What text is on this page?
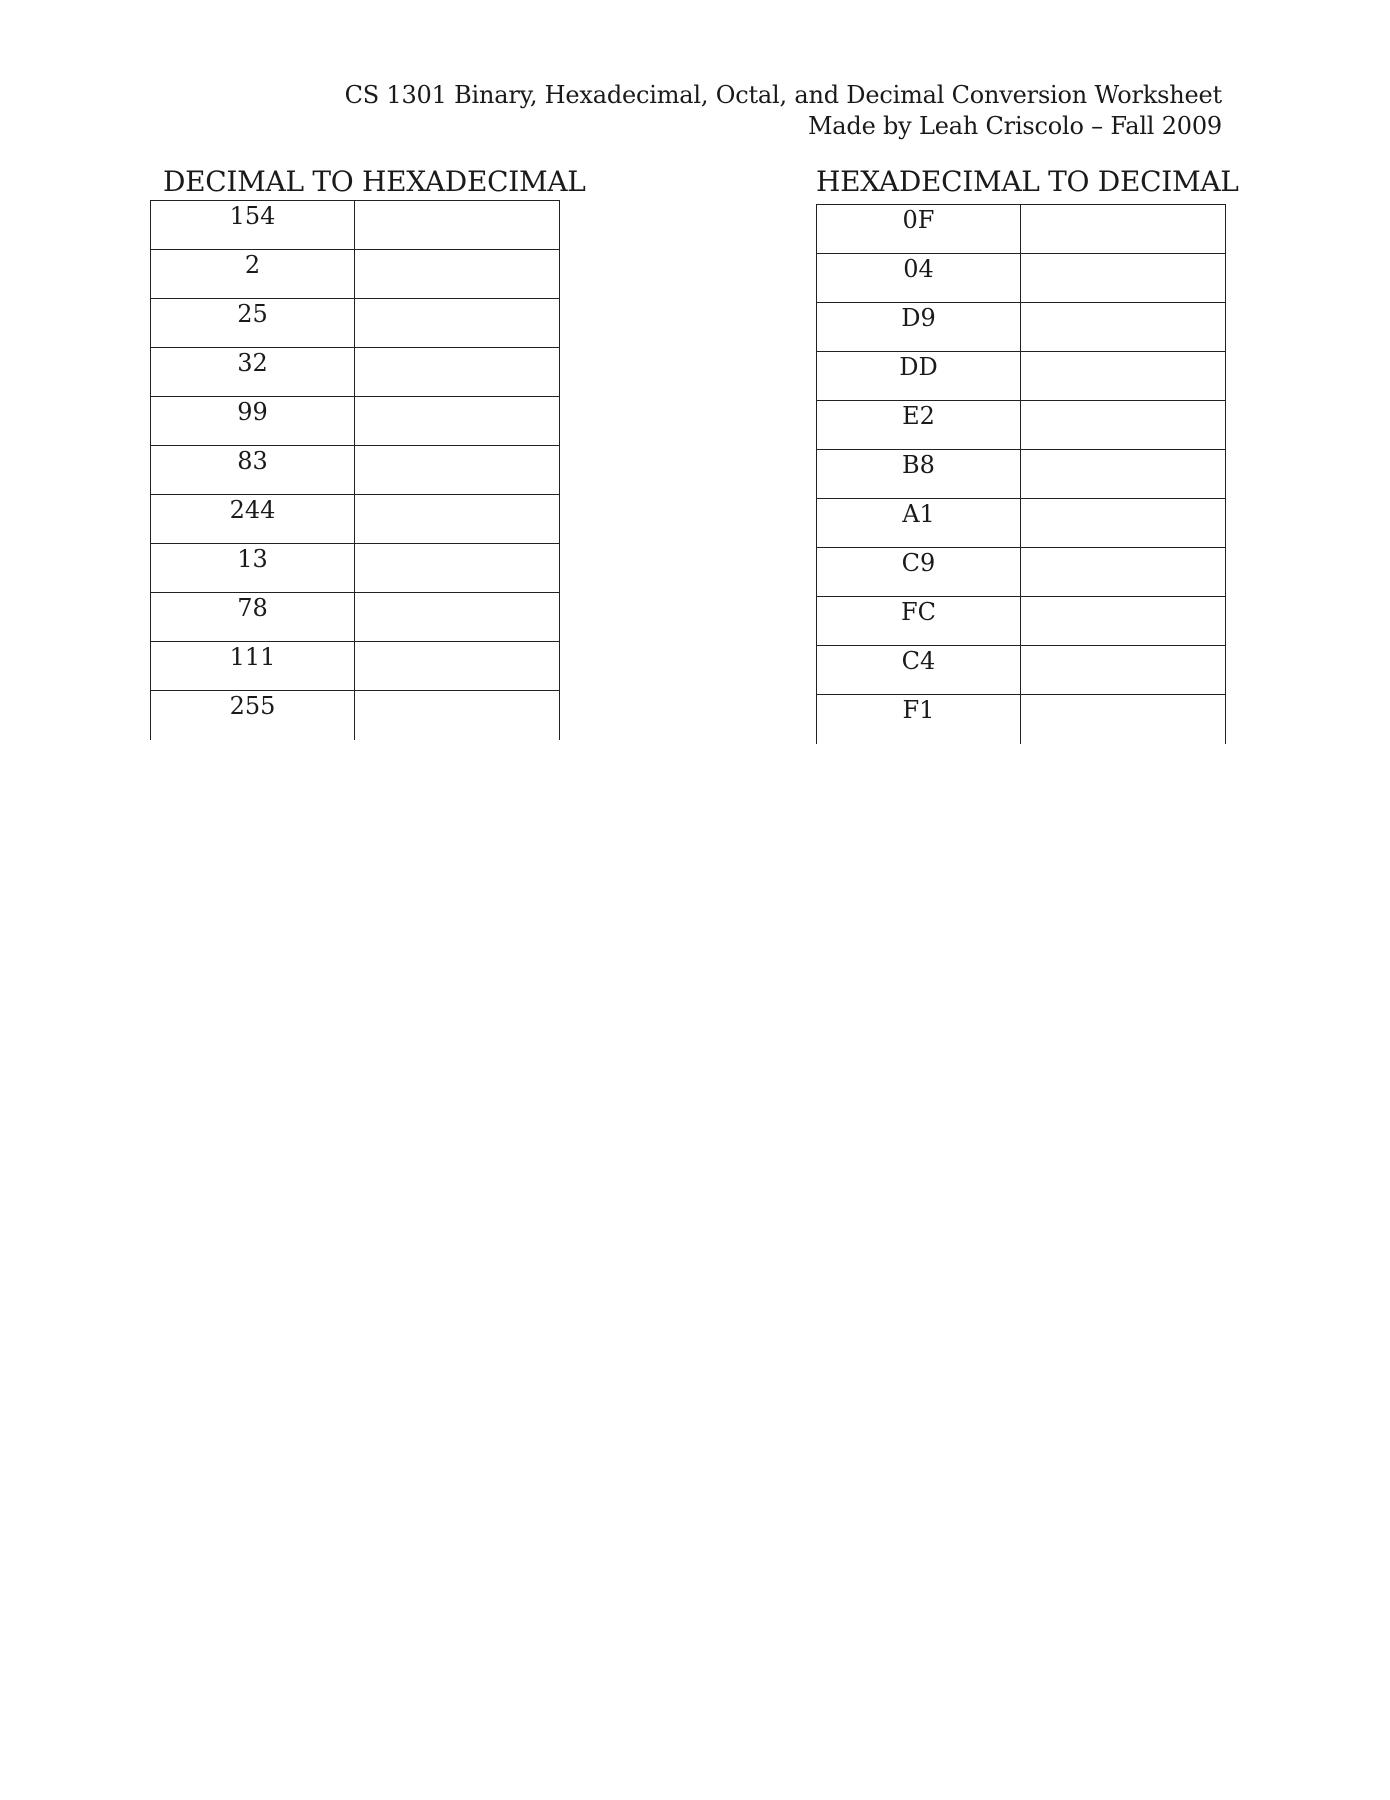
CS 1301 Binary, Hexadecimal, Octal, and Decimal Conversion Worksheet
Made by Leah Criscolo – Fall 2009
DECIMAL TO HEXADECIMAL
154	
2	
25	
32	
99	
83	
244	
13	
78	
111	
255	
HEXADECIMAL TO DECIMAL
0F	
04	
D9	
DD	
E2	
B8	
A1	
C9	
FC	
C4	
F1	
